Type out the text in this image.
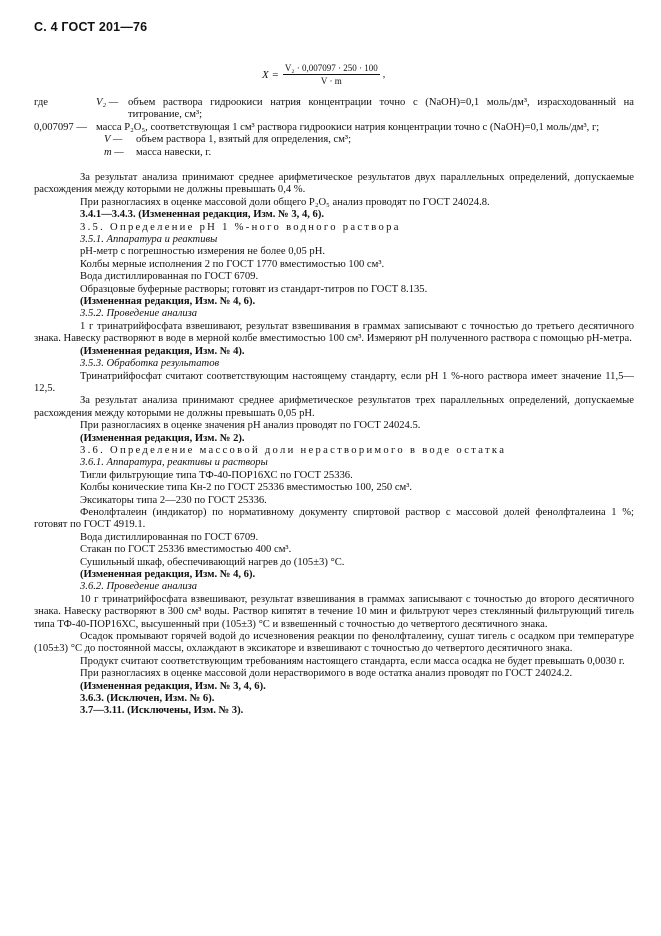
С. 4 ГОСТ 201—76
$X = \frac{\text{V₂ · 0,007097 · 250 · 100}}{V \cdot m}$ ,
где	V₂ — объем раствора гидроокиси натрия концентрации точно c (NaOH)=0,1 моль/дм³, израсходованный на титрование, см³;
0,007097 — масса P₂O₅, соответствующая 1 см³ раствора гидроокиси натрия концентрации точно c (NaOH)=0,1 моль/дм³, г;
V —	объем раствора 1, взятый для определения, см³;
m —	масса навески, г.

За результат анализа принимают среднее арифметическое результатов двух параллельных определений, допускаемые расхождения между которыми не должны превышать 0,4 %.

При разногласиях в оценке массовой доли общего P₂O₅ анализ проводят по ГОСТ 24024.8.

3.4.1—3.4.3. (Измененная редакция, Изм. № 3, 4, 6).

3.5. Определение рН 1 %-ного водного раствора

3.5.1. Аппаратура и реактивы

рН-метр с погрешностью измерения не более 0,05 рН.

Колбы мерные исполнения 2 по ГОСТ 1770 вместимостью 100 см³.

Вода дистиллированная по ГОСТ 6709.

Образцовые буферные растворы; готовят из стандарт-титров по ГОСТ 8.135.

(Измененная редакция, Изм. № 4, 6).

3.5.2. Проведение анализа

1 г тринатрийфосфата взвешивают, результат взвешивания в граммах записывают с точностью до третьего десятичного знака. Навеску растворяют в воде в мерной колбе вместимостью 100 см³. Измеряют рН полученного раствора с помощью рН-метра.

(Измененная редакция, Изм. № 4).

3.5.3. Обработка результатов

Тринатрийфосфат считают соответствующим настоящему стандарту, если рН 1 %-ного раствора имеет значение 11,5—12,5.

За результат анализа принимают среднее арифметическое результатов трех параллельных определений, допускаемые расхождения между которыми не должны превышать 0,05 рН.

При разногласиях в оценке значения рН анализ проводят по ГОСТ 24024.5.

(Измененная редакция, Изм. № 2).

3.6. Определение массовой доли нерастворимого в воде остатка

3.6.1. Аппаратура, реактивы и растворы

Тигли фильтрующие типа ТФ-40-ПОР16ХС по ГОСТ 25336.

Колбы конические типа Кн-2 по ГОСТ 25336 вместимостью 100, 250 см³.

Эксикаторы типа 2—230 по ГОСТ 25336.

Фенолфталеин (индикатор) по нормативному документу спиртовой раствор с массовой долей фенолфталеина 1 %; готовят по ГОСТ 4919.1.

Вода дистиллированная по ГОСТ 6709.

Стакан по ГОСТ 25336 вместимостью 400 см³.

Сушильный шкаф, обеспечивающий нагрев до (105±3) °С.

(Измененная редакция, Изм. № 4, 6).

3.6.2. Проведение анализа

10 г тринатрийфосфата взвешивают, результат взвешивания в граммах записывают с точностью до второго десятичного знака. Навеску растворяют в 300 см³ воды. Раствор кипятят в течение 10 мин и фильтруют через стеклянный фильтрующий тигель типа ТФ-40-ПОР16ХС, высушенный при (105±3) °С и взвешенный с точностью до четвертого десятичного знака.

Осадок промывают горячей водой до исчезновения реакции по фенолфталеину, сушат тигель с осадком при температуре (105±3) °С до постоянной массы, охлаждают в эксикаторе и взвешивают с точностью до четвертого десятичного знака.

Продукт считают соответствующим требованиям настоящего стандарта, если масса осадка не будет превышать 0,0030 г.

При разногласиях в оценке массовой доли нерастворимого в воде остатка анализ проводят по ГОСТ 24024.2.

(Измененная редакция, Изм. № 3, 4, 6).

3.6.3. (Исключен, Изм. № 6).

3.7—3.11. (Исключены, Изм. № 3).
